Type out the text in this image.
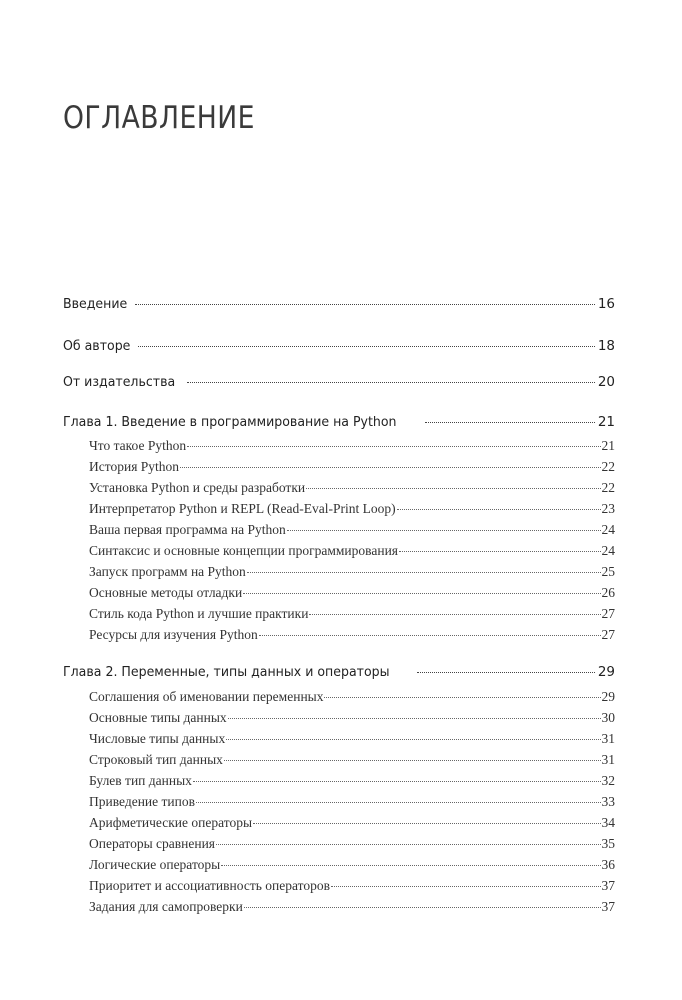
ОГЛАВЛЕНИЕ
Введение	16
Об авторе	18
От издательства	20
Глава 1. Введение в программирование на Python	21
Что такое Python	21
История Python	22
Установка Python и среды разработки	22
Интерпретатор Python и REPL (Read-Eval-Print Loop)	23
Ваша первая программа на Python	24
Синтаксис и основные концепции программирования	24
Запуск программ на Python	25
Основные методы отладки	26
Стиль кода Python и лучшие практики	27
Ресурсы для изучения Python	27
Глава 2. Переменные, типы данных и операторы	29
Соглашения об именовании переменных	29
Основные типы данных	30
Числовые типы данных	31
Строковый тип данных	31
Булев тип данных	32
Приведение типов	33
Арифметические операторы	34
Операторы сравнения	35
Логические операторы	36
Приоритет и ассоциативность операторов	37
Задания для самопроверки	37
